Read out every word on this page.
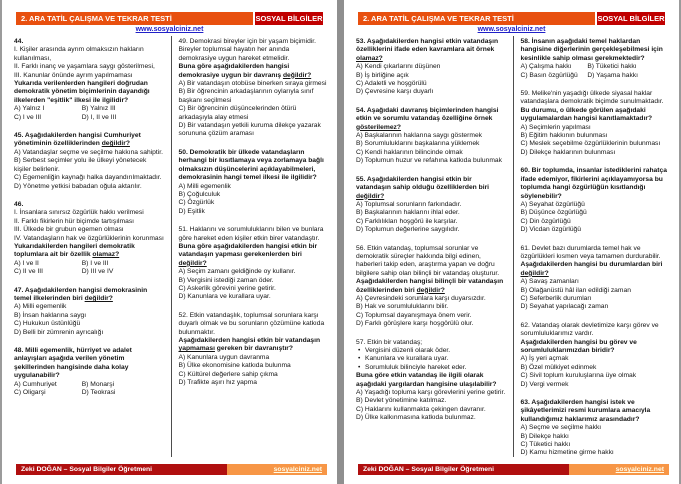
2. ARA TATİL ÇALIŞMA VE TEKRAR TESTİ	SOSYAL BİLGİLER 5
www.sosyalciniz.net
44.
I. Kişiler arasında ayrım olmaksızın hakların kullanılması,
II. Farklı inanç ve yaşamlara saygı gösterilmesi,
III. Kanunlar önünde ayrım yapılmaması
Yukarıda verilenlerden hangileri doğrudan demokratik yönetim biçimlerinin dayandığı ilkelerden "eşitlik" ilkesi ile ilgilidir?
A) Yalnız I	B) Yalnız III
C) I ve III	D) I, II ve III
45. Aşağıdakilerden hangisi Cumhuriyet yönetiminin özelliklerinden değildir?
A) Vatandaşlar seçme ve seçilme hakkına sahiptir.
B) Serbest seçimler yolu ile ülkeyi yönetecek kişiler belirlenir.
C) Egemenliğin kaynağı halka dayandırılmaktadır.
D) Yönetme yetkisi babadan oğula aktarılır.
46.
I. İnsanlara sınırsız özgürlük hakkı verilmesi
II. Farklı fikirlerin hür biçimde tartışılması
III. Ülkede bir grubun egemen olması
IV. Vatandaşların hak ve özgürlüklerinin korunması
Yukarıdakilerden hangileri demokratik toplumlara ait bir özellik olamaz?
A) I ve II	B) I ve III
C) II ve III	D) III ve IV
47. Aşağıdakilerden hangisi demokrasinin temel ilkelerinden biri değildir?
A) Milli egemenlik
B) İnsan haklarına saygı
C) Hukukun üstünlüğü
D) Belli bir zümrenin ayrıcalığı
48. Milli egemenlik, hürriyet ve adalet anlayışları aşağıda verilen yönetim şekillerinden hangisinde daha kolay uygulanabilir?
A) Cumhuriyet	B) Monarşi
C) Oligarşi	D) Teokrasi
49. Demokrasi bireyler için bir yaşam biçimidir. Bireyler toplumsal hayatın her anında demokrasiye uygun hareket etmelidir.
Buna göre aşağıdakilerden hangisi demokrasiye uygun bir davranış değildir?
A) Bir vatandaşın otobüse binerken sıraya girmesi
B) Bir öğrencinin arkadaşlarının oylarıyla sınıf başkanı seçilmesi
C) Bir öğrencinin düşüncelerinden ötürü arkadaşıyla alay etmesi
D) Bir vatandaşın yetkili kuruma dilekçe yazarak sorununa çözüm araması
50. Demokratik bir ülkede vatandaşların herhangi bir kısıtlamaya veya zorlamaya bağlı olmaksızın düşüncelerini açıklayabilmeleri, demokrasinin hangi temel ilkesi ile ilgilidir?
A) Milli egemenlik
B) Çoğulculuk
C) Özgürlük
D) Eşitlik
51. Haklarını ve sorumluluklarını bilen ve bunlara göre hareket eden kişiler etkin birer vatandaştır.
Buna göre aşağıdakilerden hangisi etkin bir vatandaşın yapması gerekenlerden biri değildir?
A) Seçim zamanı geldiğinde oy kullanır.
B) Vergisini istediği zaman öder.
C) Askerlik görevini yerine getirir.
D) Kanunlara ve kurallara uyar.
52. Etkin vatandaşlık, toplumsal sorunlara karşı duyarlı olmak ve bu sorunların çözümüne katkıda bulunmaktır.
Aşağıdakilerden hangisi etkin bir vatandaşın yapmaması gereken bir davranıştır?
A) Kanunlara uygun davranma
B) Ülke ekonomisine katkıda bulunma
C) Kültürel değerlere sahip çıkma
D) Trafikte aşırı hız yapma
Zeki DOĞAN – Sosyal Bilgiler Öğretmeni	sosyalciniz.net
2. ARA TATİL ÇALIŞMA VE TEKRAR TESTİ	SOSYAL BİLGİLER 5
www.sosyalciniz.net
53. Aşağıdakilerden hangisi etkin vatandaşın özelliklerini ifade eden kavramlara ait örnek olamaz?
A) Kendi çıkarlarını düşünen
B) İş birliğine açık
C) Adaletli ve hoşgörülü
D) Çevresine karşı duyarlı
54. Aşağıdaki davranış biçimlerinden hangisi etkin ve sorumlu vatandaş özelliğine örnek gösterilemez?
A) Başkalarının haklarına saygı göstermek
B) Sorumluluklarını başkalarına yüklemek
C) Kendi haklarının bilincinde olmak
D) Toplumun huzur ve refahına katkıda bulunmak
55. Aşağıdakilerden hangisi etkin bir vatandaşın sahip olduğu özelliklerden biri değildir?
A) Toplumsal sorunların farkındadır.
B) Başkalarının haklarını ihlal eder.
C) Farklılıkları hoşgörü ile karşılar.
D) Toplumun değerlerine saygılıdır.
56. Etkin vatandaş, toplumsal sorunlar ve demokratik süreçler hakkında bilgi edinen, haberleri takip eden, araştırma yapan ve doğru bilgilere sahip olan bilinçli bir vatandaş oluşturur.
Aşağıdakilerden hangisi bilinçli bir vatandaşın özelliklerinden biri değildir?
A) Çevresindeki sorunlara karşı duyarsızdır.
B) Hak ve sorumluluklarını bilir.
C) Toplumsal dayanışmaya önem verir.
D) Farklı görüşlere karşı hoşgörülü olur.
57. Etkin bir vatandaş;
• Vergisini düzenli olarak öder.
• Kanunlara ve kurallara uyar.
• Sorumluluk bilinciyle hareket eder.
Buna göre etkin vatandaş ile ilgili olarak aşağıdaki yargılardan hangisine ulaşılabilir?
A) Yaşadığı topluma karşı görevlerini yerine getirir.
B) Devlet yönetimine katılmaz.
C) Haklarını kullanmakta çekingen davranır.
D) Ülke kalkınmasına katkıda bulunmaz.
58. İnsanın aşağıdaki temel haklardan hangisine diğerlerinin gerçekleşebilmesi için kesinlikle sahip olması gerekmektedir?
A) Çalışma hakkı	B) Tüketici hakkı
C) Basın özgürlüğü	D) Yaşama hakkı
59. Melike'nin yaşadığı ülkede siyasal haklar vatandaşlara demokratik biçimde sunulmaktadır.
Bu durumu, o ülkede görülen aşağıdaki uygulamalardan hangisi kanıtlamaktadır?
A) Seçimlerin yapılması
B) Eğitim hakkının bulunması
C) Meslek seçebilme özgürlüklerinin bulunması
D) Dilekçe haklarının bulunması
60. Bir toplumda, insanlar istediklerini rahatça ifade edemiyor, fikirlerini açıklayamıyorsa bu toplumda hangi özgürlüğün kısıtlandığı söylenebilir?
A) Seyahat özgürlüğü
B) Düşünce özgürlüğü
C) Din özgürlüğü
D) Vicdan özgürlüğü
61. Devlet bazı durumlarda temel hak ve özgürlükleri kısmen veya tamamen durdurabilir.
Aşağıdakilerden hangisi bu durumlardan biri değildir?
A) Savaş zamanları
B) Olağanüstü hâl ilan edildiği zaman
C) Seferberlik durumları
D) Seyahat yapılacağı zaman
62. Vatandaş olarak devletimize karşı görev ve sorumluluklarımız vardır.
Aşağıdakilerden hangisi bu görev ve sorumluluklarımızdan biridir?
A) İş yeri açmak
B) Özel mülkiyet edinmek
C) Sivil toplum kuruluşlarına üye olmak
D) Vergi vermek
63. Aşağıdakilerden hangisi istek ve şikâyetlerimizi resmi kurumlara amacıyla kullandığımız haklarımız arasındadır?
A) Seçme ve seçilme hakkı
B) Dilekçe hakkı
C) Tüketici hakkı
D) Kamu hizmetine girme hakkı
Zeki DOĞAN – Sosyal Bilgiler Öğretmeni	sosyalciniz.net
